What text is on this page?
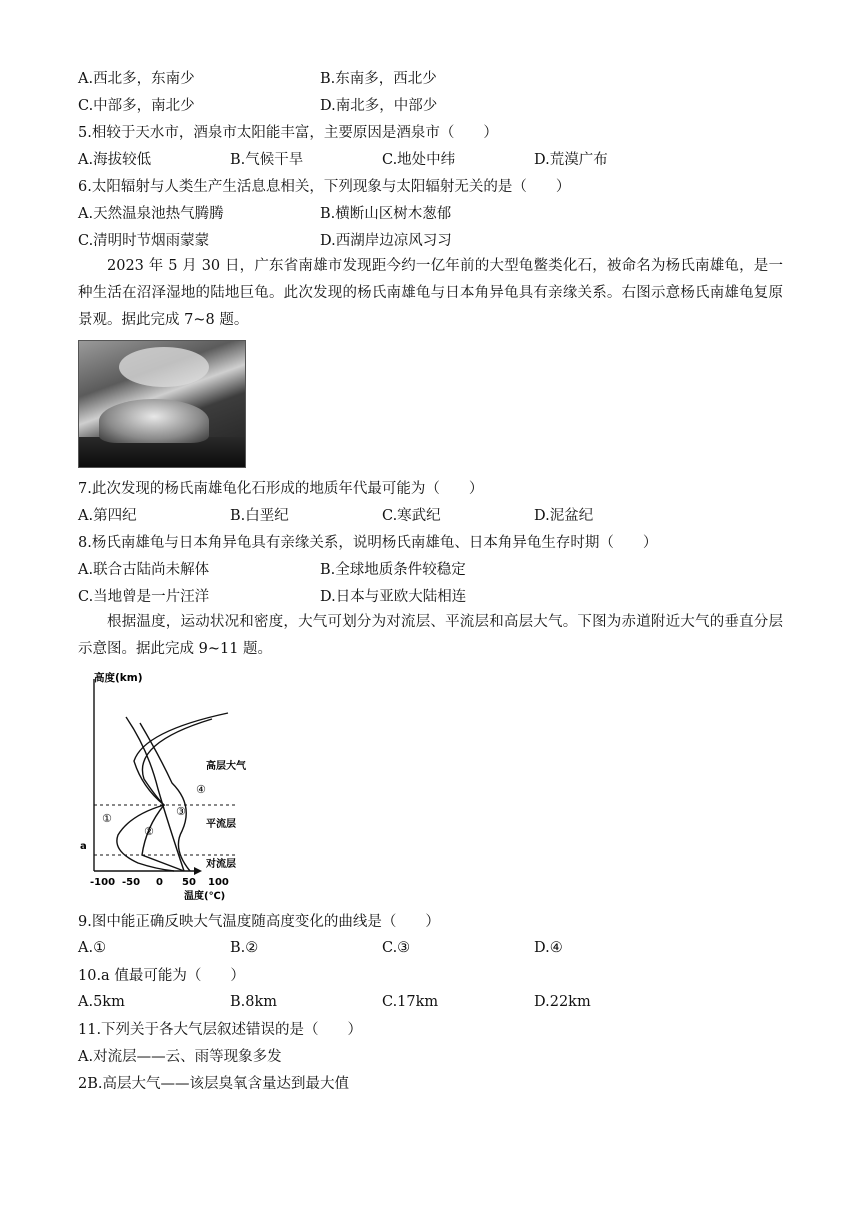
A.西北多，东南少	B.东南多，西北少
C.中部多，南北少	D.南北多，中部少
5.相较于天水市，酒泉市太阳能丰富，主要原因是酒泉市（　　）
A.海拔较低	B.气候干旱	C.地处中纬	D.荒漠广布
6.太阳辐射与人类生产生活息息相关，下列现象与太阳辐射无关的是（　　）
A.天然温泉池热气腾腾	B.横断山区树木葱郁
C.清明时节烟雨蒙蒙	D.西湖岸边凉风习习

2023 年 5 月 30 日，广东省南雄市发现距今约一亿年前的大型龟鳖类化石，被命名为杨氏南雄龟，是一种生活在沼泽湿地的陆地巨龟。此次发现的杨氏南雄龟与日本角异龟具有亲缘关系。右图示意杨氏南雄龟复原景观。据此完成 7~8 题。

7.此次发现的杨氏南雄龟化石形成的地质年代最可能为（　　）
A.第四纪	B.白垩纪	C.寒武纪	D.泥盆纪
8.杨氏南雄龟与日本角异龟具有亲缘关系，说明杨氏南雄龟、日本角异龟生存时期（　　）
A.联合古陆尚未解体	B.全球地质条件较稳定
C.当地曾是一片汪洋	D.日本与亚欧大陆相连

根据温度，运动状况和密度，大气可划分为对流层、平流层和高层大气。下图为赤道附近大气的垂直分层示意图。据此完成 9~11 题。

高度(km)
高层大气
平流层
对流层
①
②
③
④
a
-100 -50 0 50 100
温度(℃)
9.图中能正确反映大气温度随高度变化的曲线是（　　）
A.①	B.②	C.③	D.④
10.a 值最可能为（　　）
A.5km	B.8km	C.17km	D.22km
11.下列关于各大气层叙述错误的是（　　）
A.对流层——云、雨等现象多发
2B.高层大气——该层臭氧含量达到最大值
